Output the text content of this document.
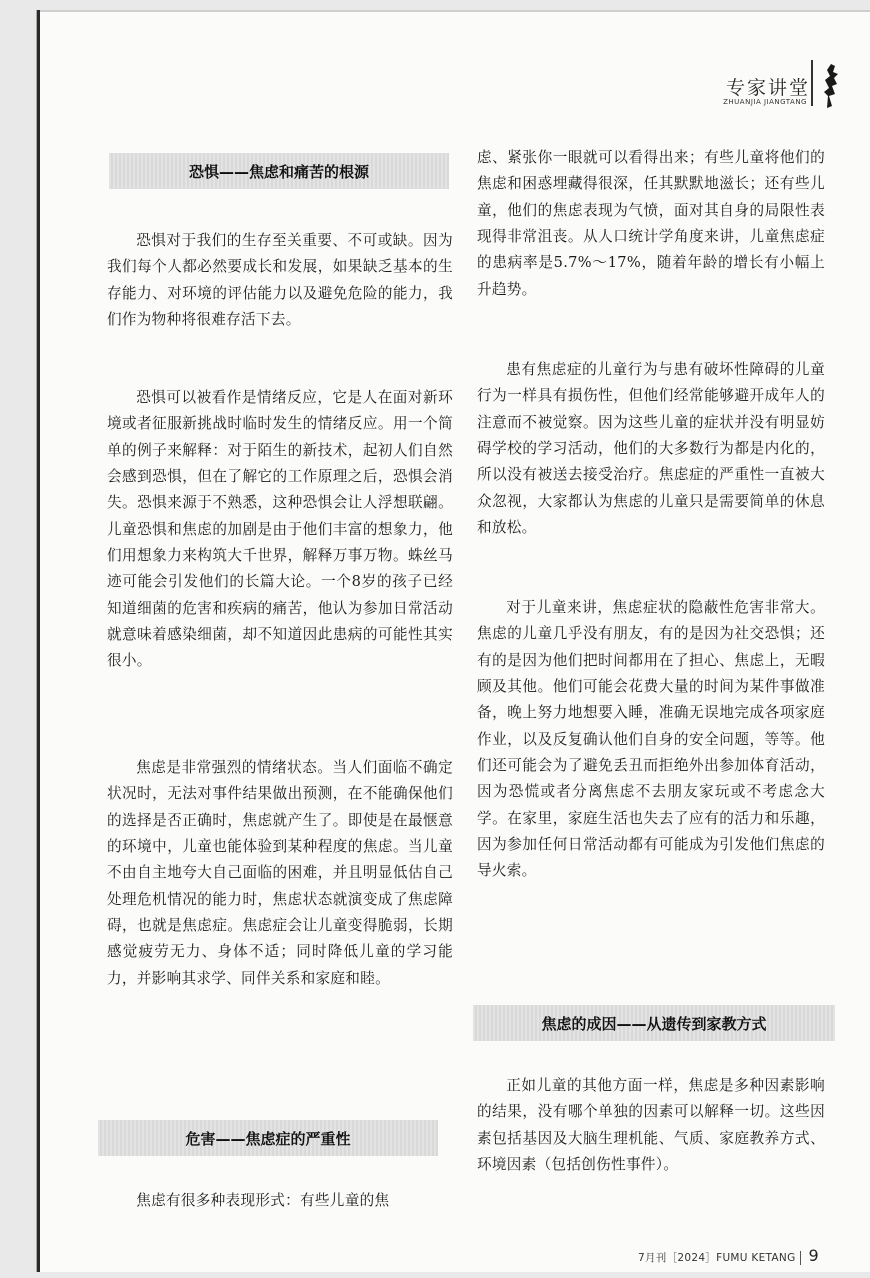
专家讲堂
ZHUANJIA JIANGTANG
恐惧——焦虑和痛苦的根源

恐惧对于我们的生存至关重要、不可或缺。因为我们每个人都必然要成长和发展，如果缺乏基本的生存能力、对环境的评估能力以及避免危险的能力，我们作为物种将很难存活下去。

恐惧可以被看作是情绪反应，它是人在面对新环境或者征服新挑战时临时发生的情绪反应。用一个简单的例子来解释：对于陌生的新技术，起初人们自然会感到恐惧，但在了解它的工作原理之后，恐惧会消失。恐惧来源于不熟悉，这种恐惧会让人浮想联翩。儿童恐惧和焦虑的加剧是由于他们丰富的想象力，他们用想象力来构筑大千世界，解释万事万物。蛛丝马迹可能会引发他们的长篇大论。一个8岁的孩子已经知道细菌的危害和疾病的痛苦，他认为参加日常活动就意味着感染细菌，却不知道因此患病的可能性其实很小。

焦虑是非常强烈的情绪状态。当人们面临不确定状况时，无法对事件结果做出预测，在不能确保他们的选择是否正确时，焦虑就产生了。即使是在最惬意的环境中，儿童也能体验到某种程度的焦虑。当儿童不由自主地夸大自己面临的困难，并且明显低估自己处理危机情况的能力时，焦虑状态就演变成了焦虑障碍，也就是焦虑症。焦虑症会让儿童变得脆弱，长期感觉疲劳无力、身体不适；同时降低儿童的学习能力，并影响其求学、同伴关系和家庭和睦。

危害——焦虑症的严重性

焦虑有很多种表现形式：有些儿童的焦

虑、紧张你一眼就可以看得出来；有些儿童将他们的焦虑和困惑埋藏得很深，任其默默地滋长；还有些儿童，他们的焦虑表现为气愤，面对其自身的局限性表现得非常沮丧。从人口统计学角度来讲，儿童焦虑症的患病率是5.7%～17%，随着年龄的增长有小幅上升趋势。

患有焦虑症的儿童行为与患有破坏性障碍的儿童行为一样具有损伤性，但他们经常能够避开成年人的注意而不被觉察。因为这些儿童的症状并没有明显妨碍学校的学习活动，他们的大多数行为都是内化的，所以没有被送去接受治疗。焦虑症的严重性一直被大众忽视，大家都认为焦虑的儿童只是需要简单的休息和放松。

对于儿童来讲，焦虑症状的隐蔽性危害非常大。焦虑的儿童几乎没有朋友，有的是因为社交恐惧；还有的是因为他们把时间都用在了担心、焦虑上，无暇顾及其他。他们可能会花费大量的时间为某件事做准备，晚上努力地想要入睡，准确无误地完成各项家庭作业，以及反复确认他们自身的安全问题，等等。他们还可能会为了避免丢丑而拒绝外出参加体育活动，因为恐慌或者分离焦虑不去朋友家玩或不考虑念大学。在家里，家庭生活也失去了应有的活力和乐趣，因为参加任何日常活动都有可能成为引发他们焦虑的导火索。

焦虑的成因——从遗传到家教方式

正如儿童的其他方面一样，焦虑是多种因素影响的结果，没有哪个单独的因素可以解释一切。这些因素包括基因及大脑生理机能、气质、家庭教养方式、环境因素（包括创伤性事件）。

7月刊［2024］FUMU KETANG 9
